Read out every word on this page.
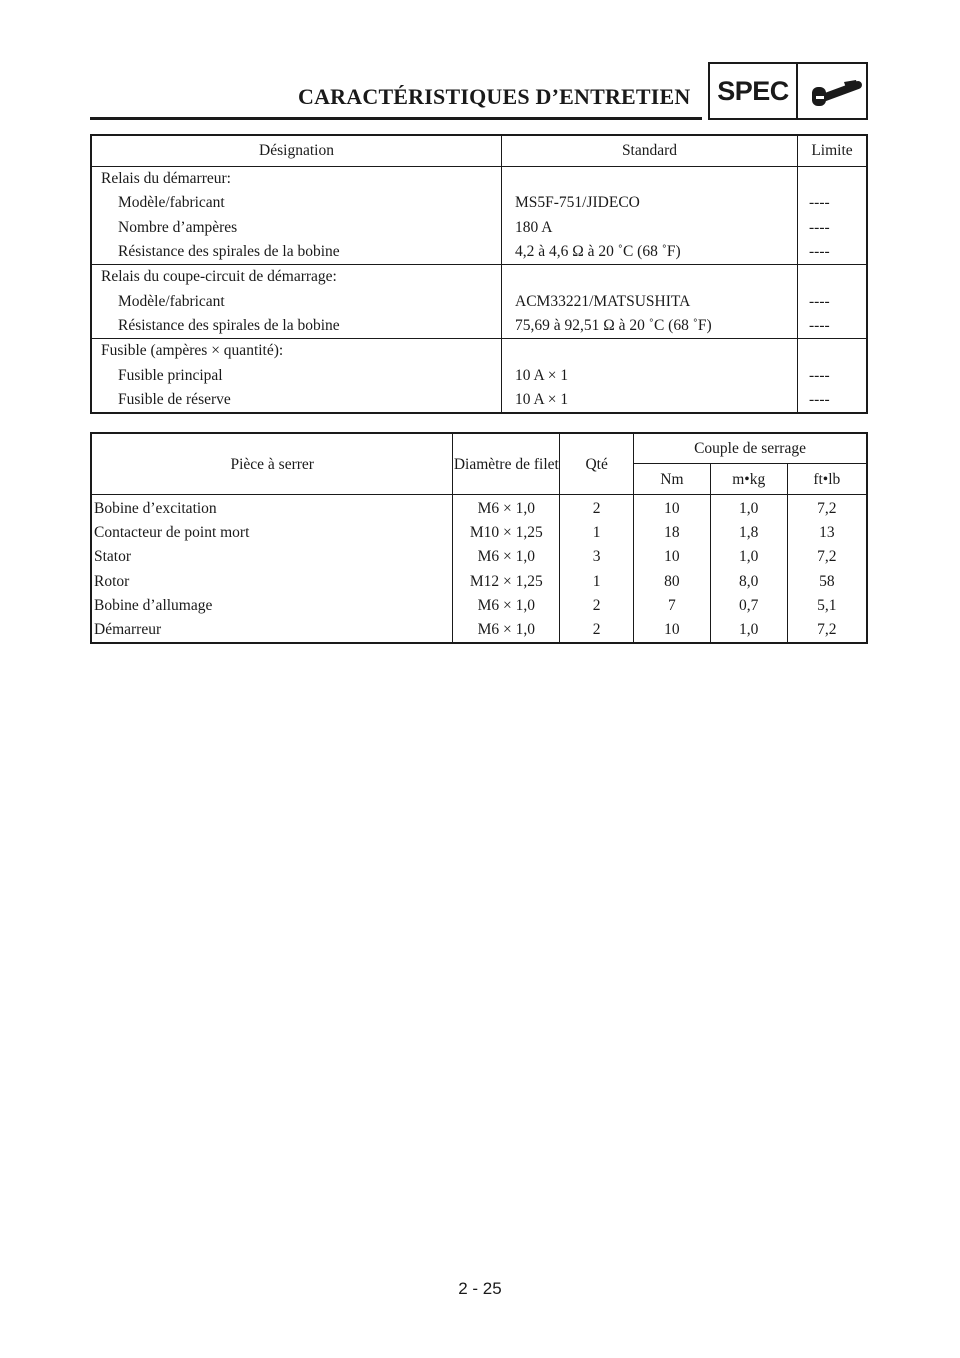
CARACTÉRISTIQUES D’ENTRETIEN SPEC
Désignation	Standard	Limite
Relais du démarreur:		
Modèle/fabricant	MS5F-751/JIDECO	----
Nombre d’ampères	180 A	----
Résistance des spirales de la bobine	4,2 à 4,6 Ω à 20 ˚C (68 ˚F)	----
Relais du coupe-circuit de démarrage:		
Modèle/fabricant	ACM33221/MATSUSHITA	----
Résistance des spirales de la bobine	75,69 à 92,51 Ω à 20 ˚C (68 ˚F)	----
Fusible (ampères × quantité):		
Fusible principal	10 A × 1	----
Fusible de réserve	10 A × 1	----
Pièce à serrer	Diamètre de filet	Qté	Couple de serrage		
			Nm	m•kg	ft•lb
Bobine d’excitation	M6 × 1,0	2	10	1,0	7,2
Contacteur de point mort	M10 × 1,25	1	18	1,8	13
Stator	M6 × 1,0	3	10	1,0	7,2
Rotor	M12 × 1,25	1	80	8,0	58
Bobine d’allumage	M6 × 1,0	2	7	0,7	5,1
Démarreur	M6 × 1,0	2	10	1,0	7,2
2 - 25
